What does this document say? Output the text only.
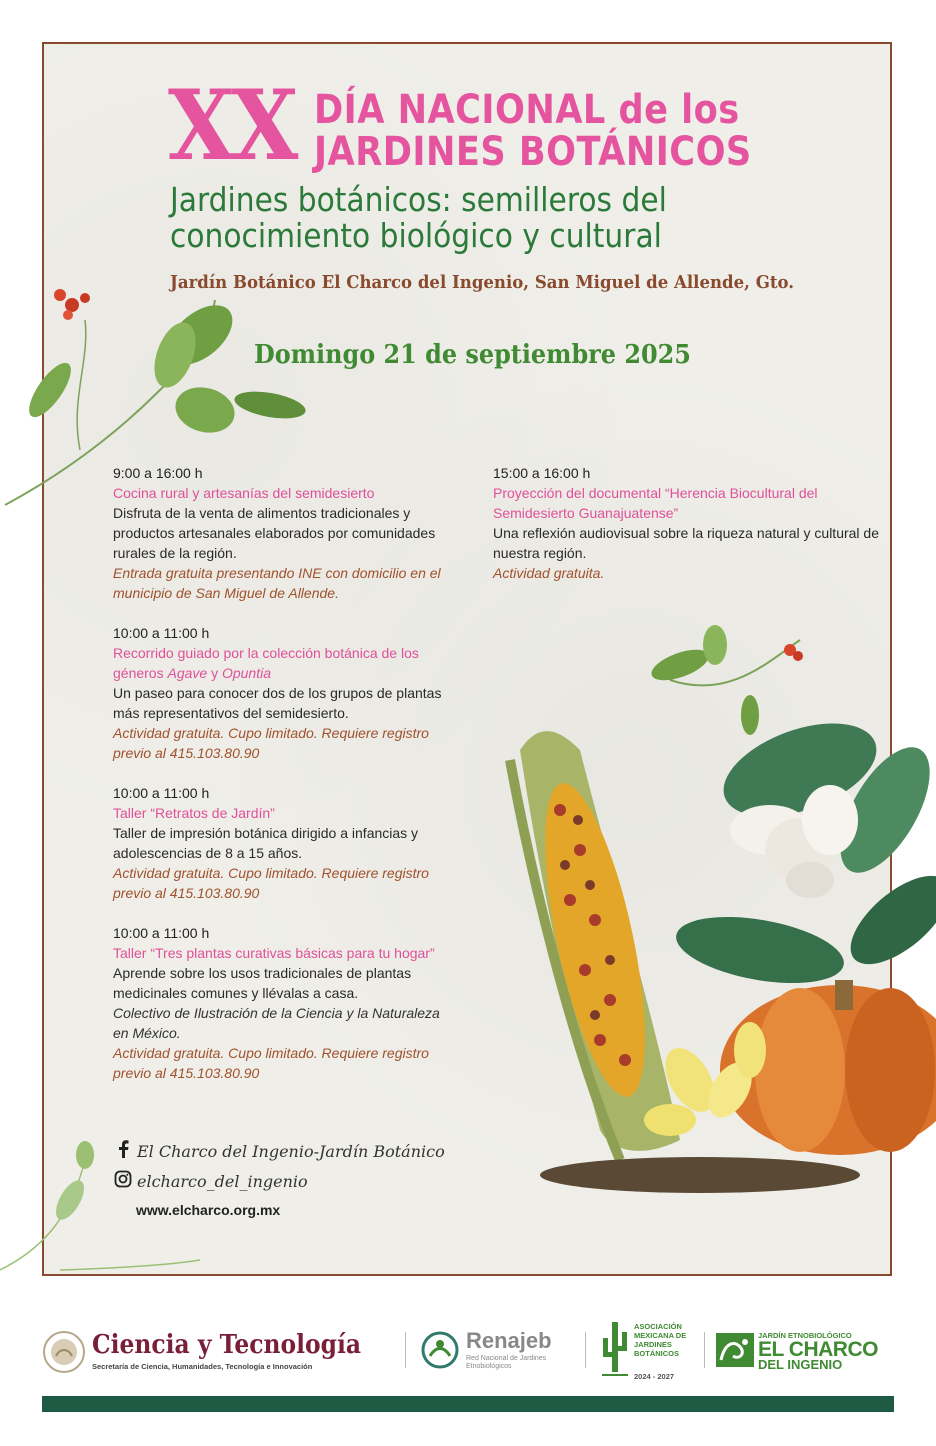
XX DÍA NACIONAL de los
JARDINES BOTÁNICOS
Jardines botánicos: semilleros del
conocimiento biológico y cultural
Jardín Botánico El Charco del Ingenio, San Miguel de Allende, Gto.
Domingo 21 de septiembre 2025
9:00 a 16:00 h
Cocina rural y artesanías del semidesierto
Disfruta de la venta de alimentos tradicionales y productos artesanales elaborados por comunidades rurales de la región.
Entrada gratuita presentando INE con domicilio en el municipio de San Miguel de Allende.
10:00 a 11:00 h
Recorrido guiado por la colección botánica de los géneros Agave y Opuntia
Un paseo para conocer dos de los grupos de plantas más representativos del semidesierto.
Actividad gratuita. Cupo limitado. Requiere registro previo al 415.103.80.90
10:00 a 11:00 h
Taller “Retratos de Jardín”
Taller de impresión botánica dirigido a infancias y adolescencias de 8 a 15 años.
Actividad gratuita. Cupo limitado. Requiere registro previo al 415.103.80.90
10:00 a 11:00 h
Taller “Tres plantas curativas básicas para tu hogar”
Aprende sobre los usos tradicionales de plantas medicinales comunes y llévalas a casa.
Colectivo de Ilustración de la Ciencia y la Naturaleza en México.
Actividad gratuita. Cupo limitado. Requiere registro previo al 415.103.80.90
15:00 a 16:00 h
Proyección del documental “Herencia Biocultural del Semidesierto Guanajuatense”
Una reflexión audiovisual sobre la riqueza natural y cultural de nuestra región.
Actividad gratuita.
El Charco del Ingenio-Jardín Botánico
elcharco_del_ingenio
www.elcharco.org.mx
Ciencia y Tecnología
Secretaría de Ciencia, Humanidades, Tecnología e Innovación
Renajeb
Red Nacional de Jardines Etnobiológicos
ASOCIACIÓN MEXICANA DE JARDINES BOTÁNICOS
2024 - 2027
JARDÍN ETNOBIOLÓGICO
EL CHARCO
DEL INGENIO
